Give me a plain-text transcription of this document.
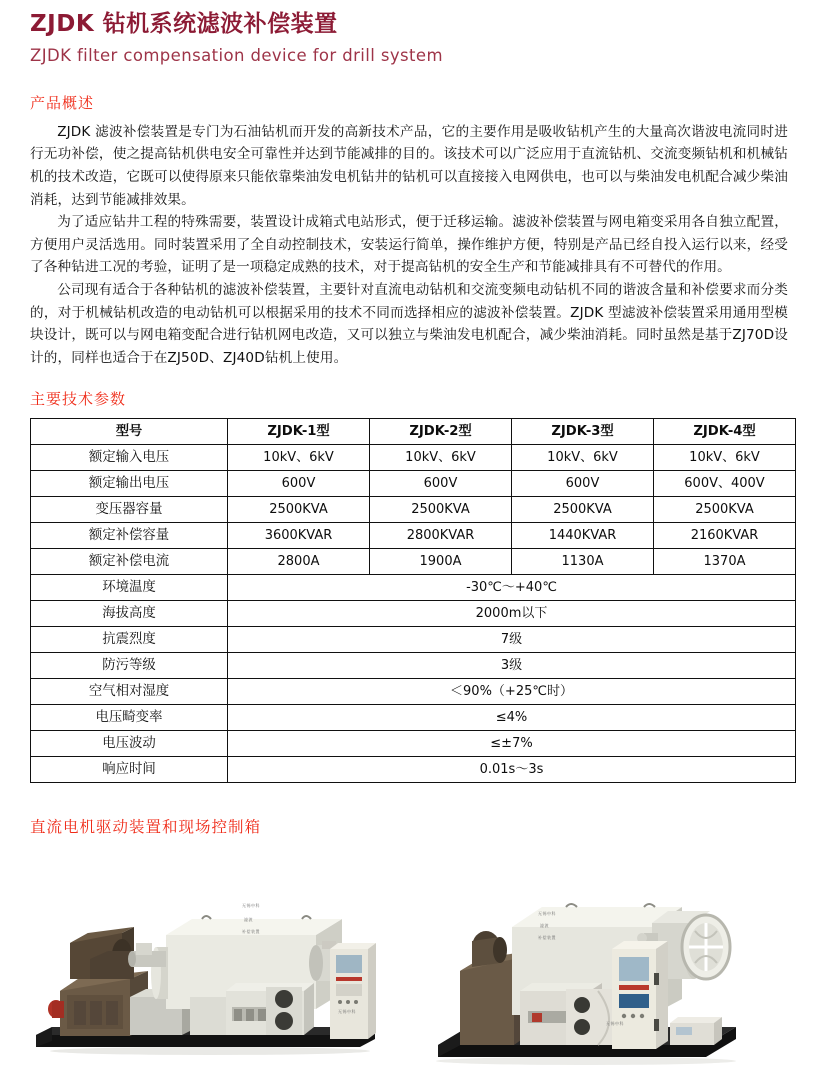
ZJDK 钻机系统滤波补偿装置
ZJDK filter compensation device for drill system
产品概述

ZJDK 滤波补偿装置是专门为石油钻机而开发的高新技术产品，它的主要作用是吸收钻机产生的大量高次谐波电流同时进行无功补偿，使之提高钻机供电安全可靠性并达到节能减排的目的。该技术可以广泛应用于直流钻机、交流变频钻机和机械钻机的技术改造，它既可以使得原来只能依靠柴油发电机钻井的钻机可以直接接入电网供电，也可以与柴油发电机配合减少柴油消耗，达到节能减排效果。

为了适应钻井工程的特殊需要，装置设计成箱式电站形式，便于迁移运输。滤波补偿装置与网电箱变采用各自独立配置，方便用户灵活选用。同时装置采用了全自动控制技术，安装运行简单，操作维护方便，特别是产品已经自投入运行以来，经受了各种钻进工况的考验，证明了是一项稳定成熟的技术，对于提高钻机的安全生产和节能减排具有不可替代的作用。

公司现有适合于各种钻机的滤波补偿装置，主要针对直流电动钻机和交流变频电动钻机不同的谐波含量和补偿要求而分类的，对于机械钻机改造的电动钻机可以根据采用的技术不同而选择相应的滤波补偿装置。ZJDK 型滤波补偿装置采用通用型模块设计，既可以与网电箱变配合进行钻机网电改造，又可以独立与柴油发电机配合，减少柴油消耗。同时虽然是基于ZJ70D设计的，同样也适合于在ZJ50D、ZJ40D钻机上使用。

主要技术参数
型号	ZJDK-1型	ZJDK-2型	ZJDK-3型	ZJDK-4型
额定输入电压	10kV、6kV	10kV、6kV	10kV、6kV	10kV、6kV
额定输出电压	600V	600V	600V	600V、400V
变压器容量	2500KVA	2500KVA	2500KVA	2500KVA
额定补偿容量	3600KVAR	2800KVAR	1440KVAR	2160KVAR
额定补偿电流	2800A	1900A	1130A	1370A
环境温度	-30℃～+40℃			
海拔高度	2000m以下			
抗震烈度	7级			
防污等级	3级			
空气相对湿度	＜90%（+25℃时）			
电压畸变率	≤4%			
电压波动	≤±7%			
响应时间	0.01s～3s			
直流电机驱动装置和现场控制箱
无锡中科
滤波
补偿装置
无锡中科
无锡中科
滤波
补偿装置
无锡中科
